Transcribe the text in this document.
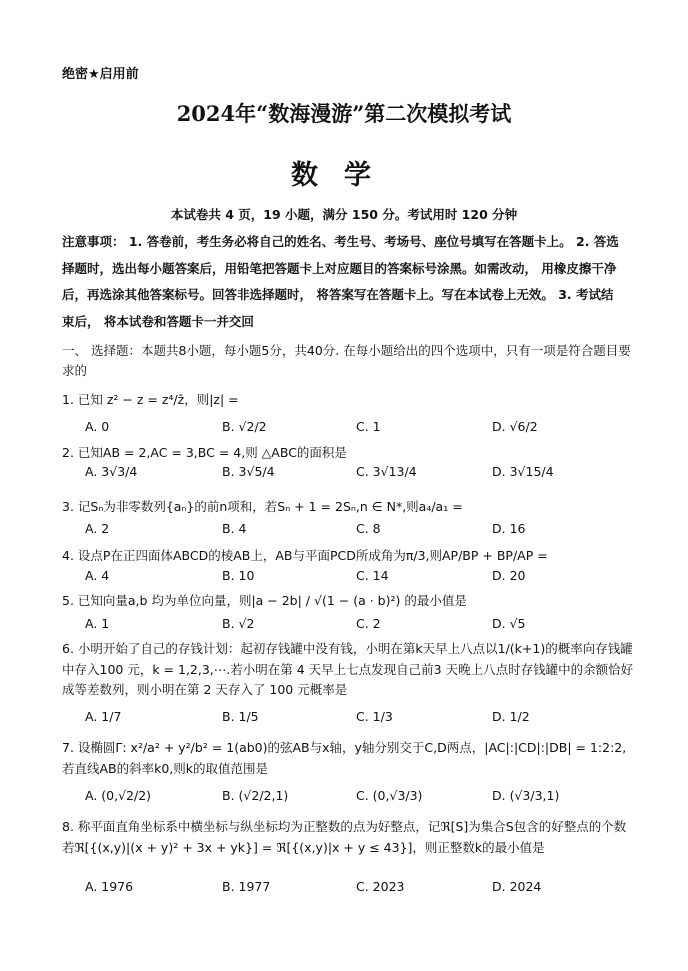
绝密★启用前
2024年“数海漫游”第二次模拟考试
数学
本试卷共 4 页，19 小题，满分 150 分。考试用时 120 分钟
注意事项： 1. 答卷前，考生务必将自己的姓名、考生号、考场号、座位号填写在答题卡上。 2. 答选择题时，选出每小题答案后，用铅笔把答题卡上对应题目的答案标号涂黑。如需改动， 用橡皮擦干净后，再选涂其他答案标号。回答非选择题时， 将答案写在答题卡上。写在本试卷上无效。 3. 考试结束后， 将本试卷和答题卡一并交回
一、 选择题：本题共8小题，每小题5分，共40分. 在每小题给出的四个选项中，只有一项是符合题目要求的
1. 已知 z² − z = z⁴/z̄，则|z| =
A. 0	B. √2/2	C. 1	D. √6/2
2. 已知AB = 2,AC = 3,BC = 4,则 △ABC的面积是
A. 3√3/4	B. 3√5/4	C. 3√13/4	D. 3√15/4
3. 记Sₙ为非零数列{aₙ}的前n项和，若Sₙ + 1 = 2Sₙ,n ∈ N*,则a₄/a₁ =
A. 2	B. 4	C. 8	D. 16
4. 设点P在正四面体ABCD的棱AB上，AB与平面PCD所成角为π/3,则AP/BP + BP/AP =
A. 4	B. 10	C. 14	D. 20
5. 已知向量a,b 均为单位向量，则|a − 2b| / √(1 − (a · b)²) 的最小值是
A. 1	B. √2	C. 2	D. √5
6. 小明开始了自己的存钱计划：起初存钱罐中没有钱，小明在第k天早上八点以1/(k+1)的概率向存钱罐中存入100 元，k = 1,2,3,⋯.若小明在第 4 天早上七点发现自己前3 天晚上八点时存钱罐中的余额恰好成等差数列，则小明在第 2 天存入了 100 元概率是
A. 1/7	B. 1/5	C. 1/3	D. 1/2
7. 设椭圆Γ: x²/a² + y²/b² = 1(ab0)的弦AB与x轴，y轴分别交于C,D两点，|AC|:|CD|:|DB| = 1:2:2, 若直线AB的斜率k0,则k的取值范围是
A. (0,√2/2)	B. (√2/2,1)	C. (0,√3/3)	D. (√3/3,1)
8. 称平面直角坐标系中横坐标与纵坐标均为正整数的点为好整点，记ℜ[S]为集合S包含的好整点的个数若ℜ[{(x,y)|(x + y)² + 3x + yk}] = ℜ[{(x,y)|x + y ≤ 43}]，则正整数k的最小值是
A. 1976	B. 1977	C. 2023	D. 2024
